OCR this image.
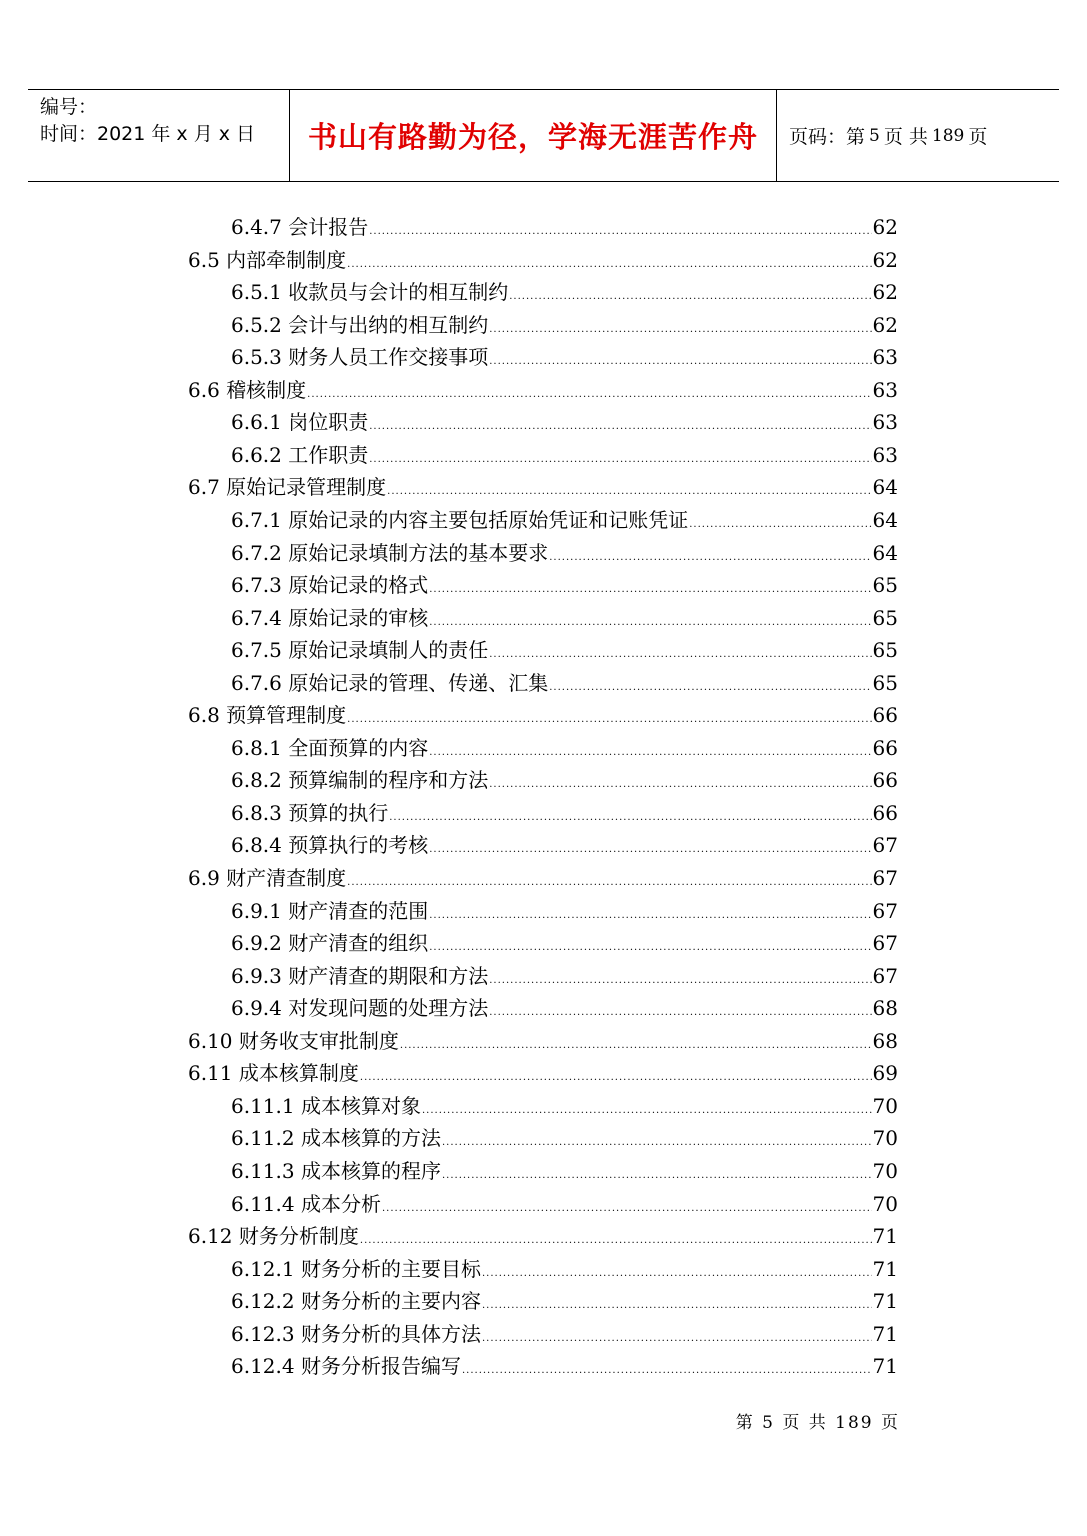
编号：
时间：2021 年 x 月 x 日	书山有路勤为径，学海无涯苦作舟	页码：第 5 页 共 189 页
6.4.7 会计报告 .....	62
6.5 内部牵制制度 .....	62
6.5.1 收款员与会计的相互制约 .....	62
6.5.2 会计与出纳的相互制约 .....	62
6.5.3 财务人员工作交接事项 .....	63
6.6 稽核制度 .....	63
6.6.1 岗位职责 .....	63
6.6.2 工作职责 .....	63
6.7 原始记录管理制度 .....	64
6.7.1 原始记录的内容主要包括原始凭证和记账凭证 .....	64
6.7.2 原始记录填制方法的基本要求 .....	64
6.7.3 原始记录的格式 .....	65
6.7.4 原始记录的审核 .....	65
6.7.5 原始记录填制人的责任 .....	65
6.7.6 原始记录的管理、传递、汇集 .....	65
6.8 预算管理制度 .....	66
6.8.1 全面预算的内容 .....	66
6.8.2 预算编制的程序和方法 .....	66
6.8.3 预算的执行 .....	66
6.8.4 预算执行的考核 .....	67
6.9 财产清查制度 .....	67
6.9.1 财产清查的范围 .....	67
6.9.2 财产清查的组织 .....	67
6.9.3 财产清查的期限和方法 .....	67
6.9.4 对发现问题的处理方法 .....	68
6.10 财务收支审批制度 .....	68
6.11 成本核算制度 .....	69
6.11.1 成本核算对象 .....	70
6.11.2 成本核算的方法 .....	70
6.11.3 成本核算的程序 .....	70
6.11.4 成本分析 .....	70
6.12 财务分析制度 .....	71
6.12.1 财务分析的主要目标 .....	71
6.12.2 财务分析的主要内容 .....	71
6.12.3 财务分析的具体方法 .....	71
6.12.4 财务分析报告编写 .....	71
第 5 页 共 189 页
